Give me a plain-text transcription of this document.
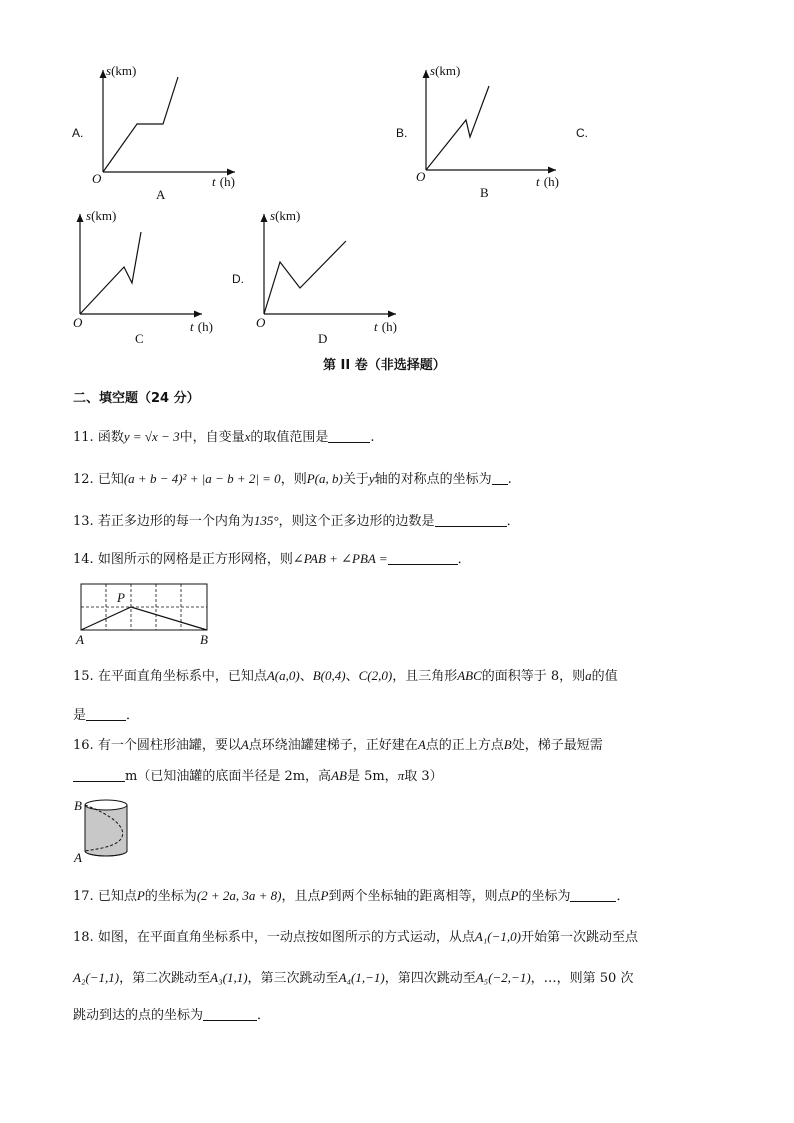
s(km)
O	t (h)
A.
A
s(km)
O	t (h)
B.	C.
B
s(km)
O	t (h)
C
s(km)
O	t (h)
D.
D
第 II 卷（非选择题）
二、填空题（24 分）
11. 函数y = √x − 3中，自变量x的取值范围是	.
12. 已知(a + b − 4)² + |a − b + 2| = 0，则P(a, b)关于y轴的对称点的坐标为 .
13. 若正多边形的每一个内角为135°，则这个正多边形的边数是	．
14. 如图所示的网格是正方形网格，则∠PAB + ∠PBA =	．
P
A	B
15. 在平面直角坐标系中，已知点A(a,0)、B(0,4)、C(2,0)，且三角形ABC的面积等于 8，则a的值
是	．
16. 有一个圆柱形油罐，要以A点环绕油罐建梯子，正好建在A点的正上方点B处，梯子最短需
m（已知油罐的底面半径是 2m，高AB是 5m，π取 3）
B
A
17. 已知点P的坐标为(2 + 2a, 3a + 8)，且点P到两个坐标轴的距离相等，则点P的坐标为	．
18. 如图，在平面直角坐标系中，一动点按如图所示的方式运动，从点A₁(−1,0)开始第一次跳动至点
A₂(−1,1)，第二次跳动至A₃(1,1)，第三次跳动至A₄(1,−1)，第四次跳动至A₅(−2,−1)，…，则第 50 次
跳动到达的点的坐标为	．
